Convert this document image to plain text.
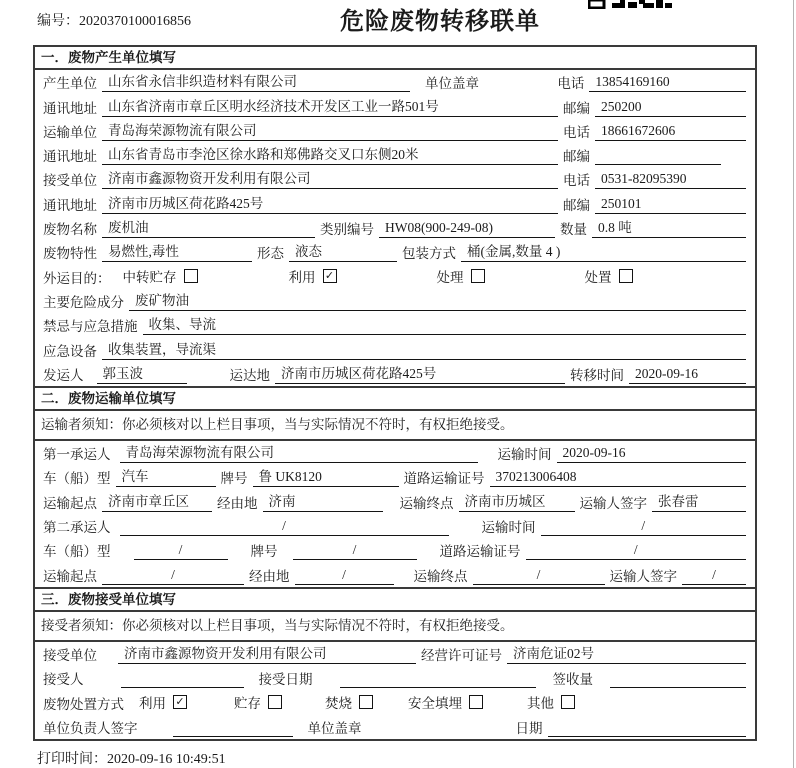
编号：2020370100016856	危险废物转移联单
一．废物产生单位填写
产生单位 山东省永信非织造材料有限公司	单位盖章	电话 13854169160
通讯地址 山东省济南市章丘区明水经济技术开发区工业一路501号	邮编 250200
运输单位 青岛海荣源物流有限公司	电话 18661672606
通讯地址 山东省青岛市李沧区徐水路和郑佛路交叉口东侧20米	邮编
接受单位 济南市鑫源物资开发利用有限公司	电话 0531-82095390
通讯地址 济南市历城区荷花路425号	邮编 250101
废物名称 废机油	类别编号 HW08(900-249-08)	数量 0.8 吨
废物特性 易燃性,毒性	形态 液态	包装方式 桶(金属,数量 4 )
外运目的： 中转贮存	利用 ✓	处理	处置
主要危险成分 废矿物油
禁忌与应急措施 收集、导流
应急设备 收集装置，导流渠
发运人	郭玉波	运达地 济南市历城区荷花路425号	转移时间 2020-09-16
二．废物运输单位填写
运输者须知：你必须核对以上栏目事项，当与实际情况不符时，有权拒绝接受。
第一承运人	青岛海荣源物流有限公司	运输时间 2020-09-16
车（船）型 汽车	牌号 鲁 UK8120	道路运输证号 370213006408
运输起点 济南市章丘区	经由地 济南	运输终点 济南市历城区	运输人签字 张春雷
第二承运人	/	运输时间	/
车（船）型	/	牌号	/	道路运输证号	/
运输起点	/	经由地	/	运输终点	/	运输人签字	/
三．废物接受单位填写
接受者须知：你必须核对以上栏目事项，当与实际情况不符时，有权拒绝接受。
接受单位	济南市鑫源物资开发利用有限公司	经营许可证号 济南危证02号
接受人	接受日期	签收量
废物处置方式 利用 ✓	贮存	焚烧	安全填埋	其他
单位负责人签字	单位盖章	日期
打印时间：2020-09-16 10:49:51
